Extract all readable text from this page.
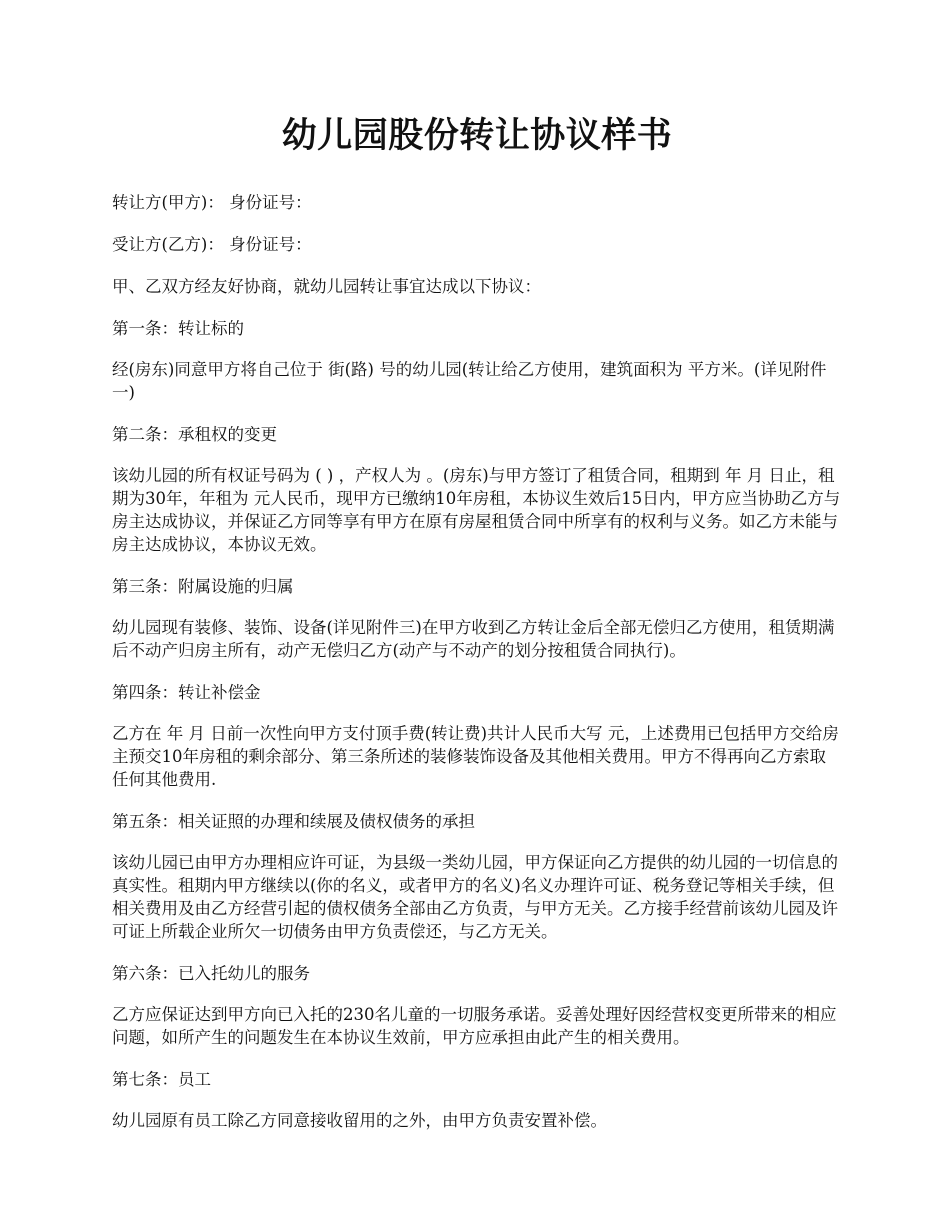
幼儿园股份转让协议样书

转让方(甲方)： 身份证号：

受让方(乙方)： 身份证号：

甲、乙双方经友好协商，就幼儿园转让事宜达成以下协议：

第一条：转让标的

经(房东)同意甲方将自己位于 街(路) 号的幼儿园(转让给乙方使用，建筑面积为 平方米。(详见附件一)

第二条：承租权的变更

该幼儿园的所有权证号码为 ( ) ，产权人为 。(房东)与甲方签订了租赁合同，租期到 年 月 日止，租期为30年，年租为 元人民币，现甲方已缴纳10年房租，本协议生效后15日内，甲方应当协助乙方与房主达成协议，并保证乙方同等享有甲方在原有房屋租赁合同中所享有的权利与义务。如乙方未能与房主达成协议，本协议无效。

第三条：附属设施的归属

幼儿园现有装修、装饰、设备(详见附件三)在甲方收到乙方转让金后全部无偿归乙方使用，租赁期满后不动产归房主所有，动产无偿归乙方(动产与不动产的划分按租赁合同执行)。

第四条：转让补偿金

乙方在 年 月 日前一次性向甲方支付顶手费(转让费)共计人民币大写 元，上述费用已包括甲方交给房主预交10年房租的剩余部分、第三条所述的装修装饰设备及其他相关费用。甲方不得再向乙方索取任何其他费用.

第五条：相关证照的办理和续展及债权债务的承担

该幼儿园已由甲方办理相应许可证，为县级一类幼儿园，甲方保证向乙方提供的幼儿园的一切信息的真实性。租期内甲方继续以(你的名义，或者甲方的名义)名义办理许可证、税务登记等相关手续，但相关费用及由乙方经营引起的债权债务全部由乙方负责，与甲方无关。乙方接手经营前该幼儿园及许可证上所载企业所欠一切债务由甲方负责偿还，与乙方无关。

第六条：已入托幼儿的服务

乙方应保证达到甲方向已入托的230名儿童的一切服务承诺。妥善处理好因经营权变更所带来的相应问题，如所产生的问题发生在本协议生效前，甲方应承担由此产生的相关费用。

第七条：员工

幼儿园原有员工除乙方同意接收留用的之外，由甲方负责安置补偿。
